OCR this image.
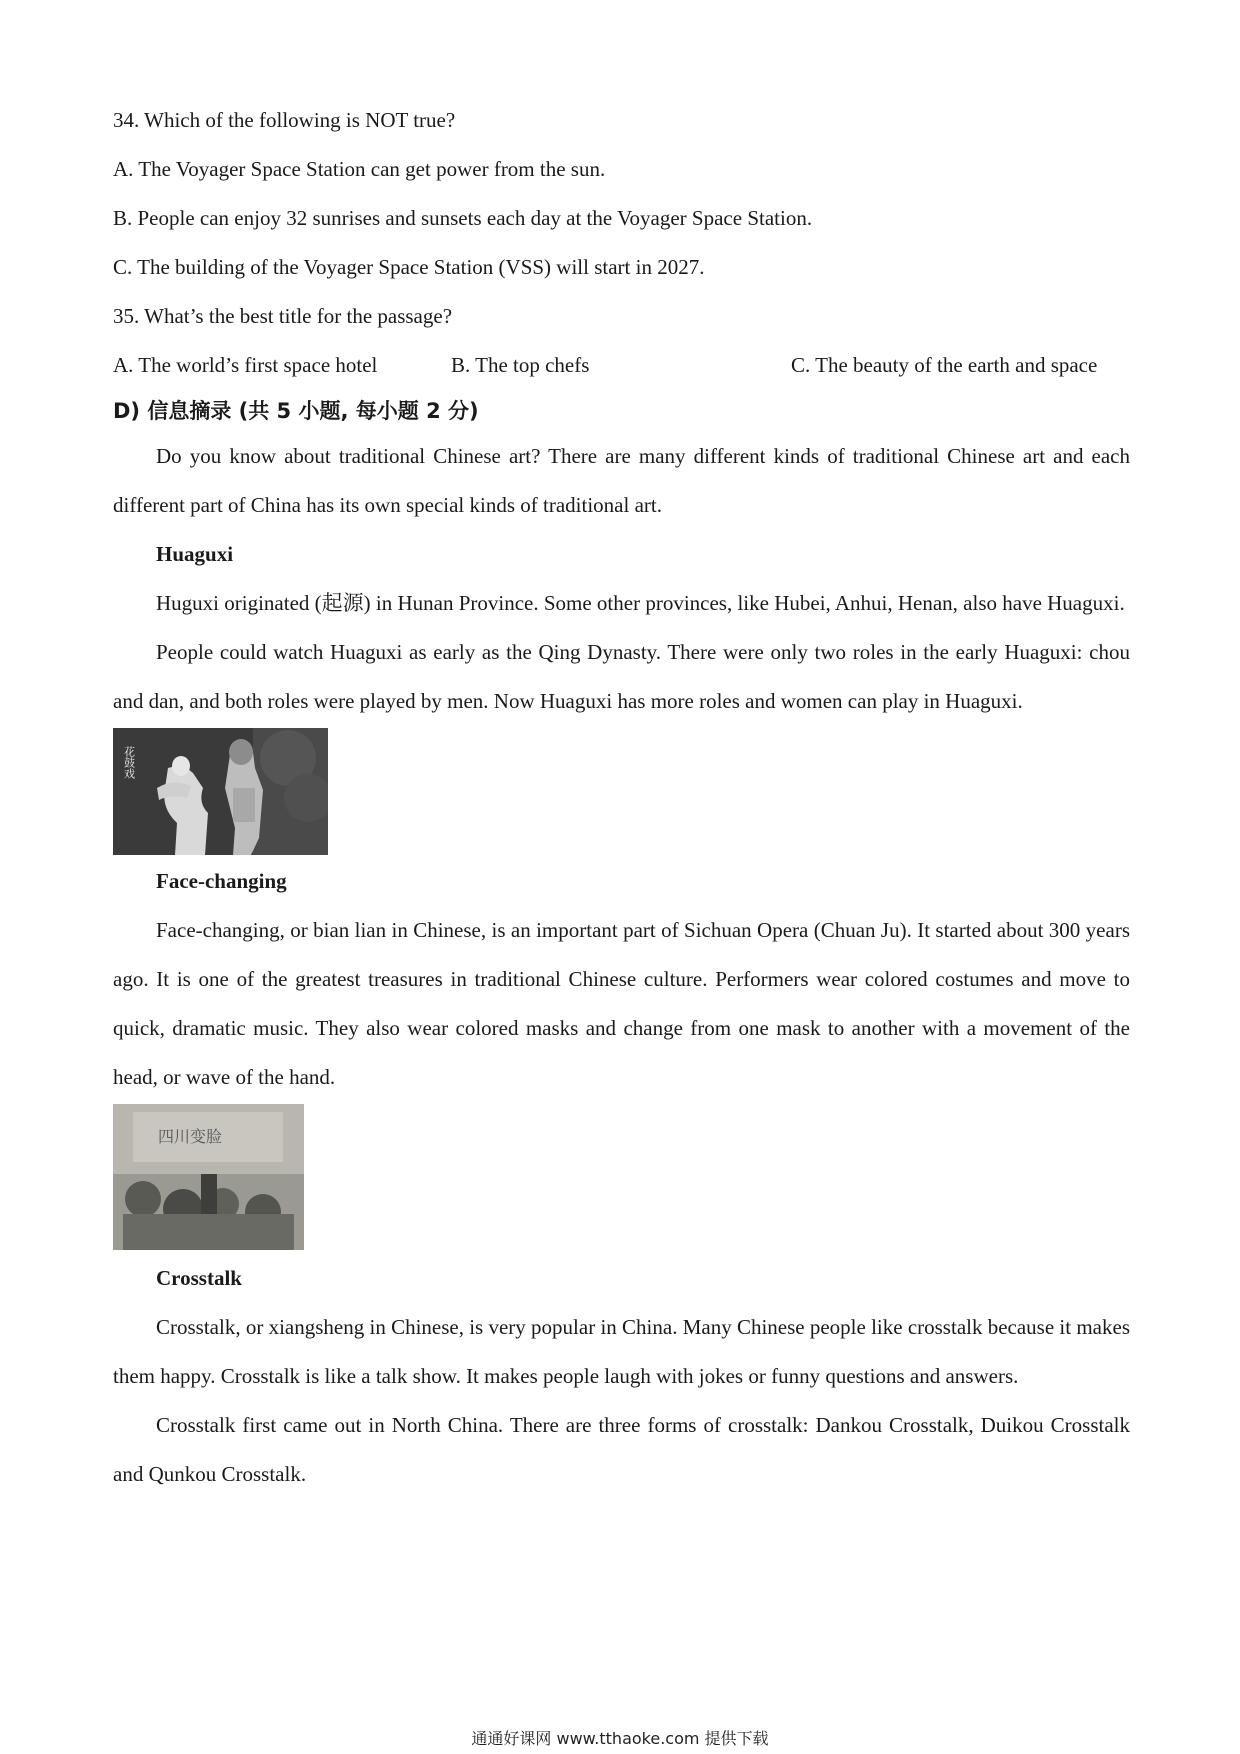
34. Which of the following is NOT true?
A. The Voyager Space Station can get power from the sun.
B. People can enjoy 32 sunrises and sunsets each day at the Voyager Space Station.
C. The building of the Voyager Space Station (VSS) will start in 2027.
35. What’s the best title for the passage?
A. The world’s first space hotel	B. The top chefs	C. The beauty of the earth and space
D) 信息摘录 (共 5 小题, 每小题 2 分)

Do you know about traditional Chinese art? There are many different kinds of traditional Chinese art and each different part of China has its own special kinds of traditional art.

Huaguxi

Huguxi originated (起源) in Hunan Province. Some other provinces, like Hubei, Anhui, Henan, also have Huaguxi.

People could watch Huaguxi as early as the Qing Dynasty. There were only two roles in the early Huaguxi: chou and dan, and both roles were played by men. Now Huaguxi has more roles and women can play in Huaguxi.

花鼓戏
Face-changing

Face-changing, or bian lian in Chinese, is an important part of Sichuan Opera (Chuan Ju). It started about 300 years ago. It is one of the greatest treasures in traditional Chinese culture. Performers wear colored costumes and move to quick, dramatic music. They also wear colored masks and change from one mask to another with a movement of the head, or wave of the hand.

四川变脸
Crosstalk

Crosstalk, or xiangsheng in Chinese, is very popular in China. Many Chinese people like crosstalk because it makes them happy. Crosstalk is like a talk show. It makes people laugh with jokes or funny questions and answers.

Crosstalk first came out in North China. There are three forms of crosstalk: Dankou Crosstalk, Duikou Crosstalk and Qunkou Crosstalk.

通通好课网 www.tthaoke.com 提供下载
